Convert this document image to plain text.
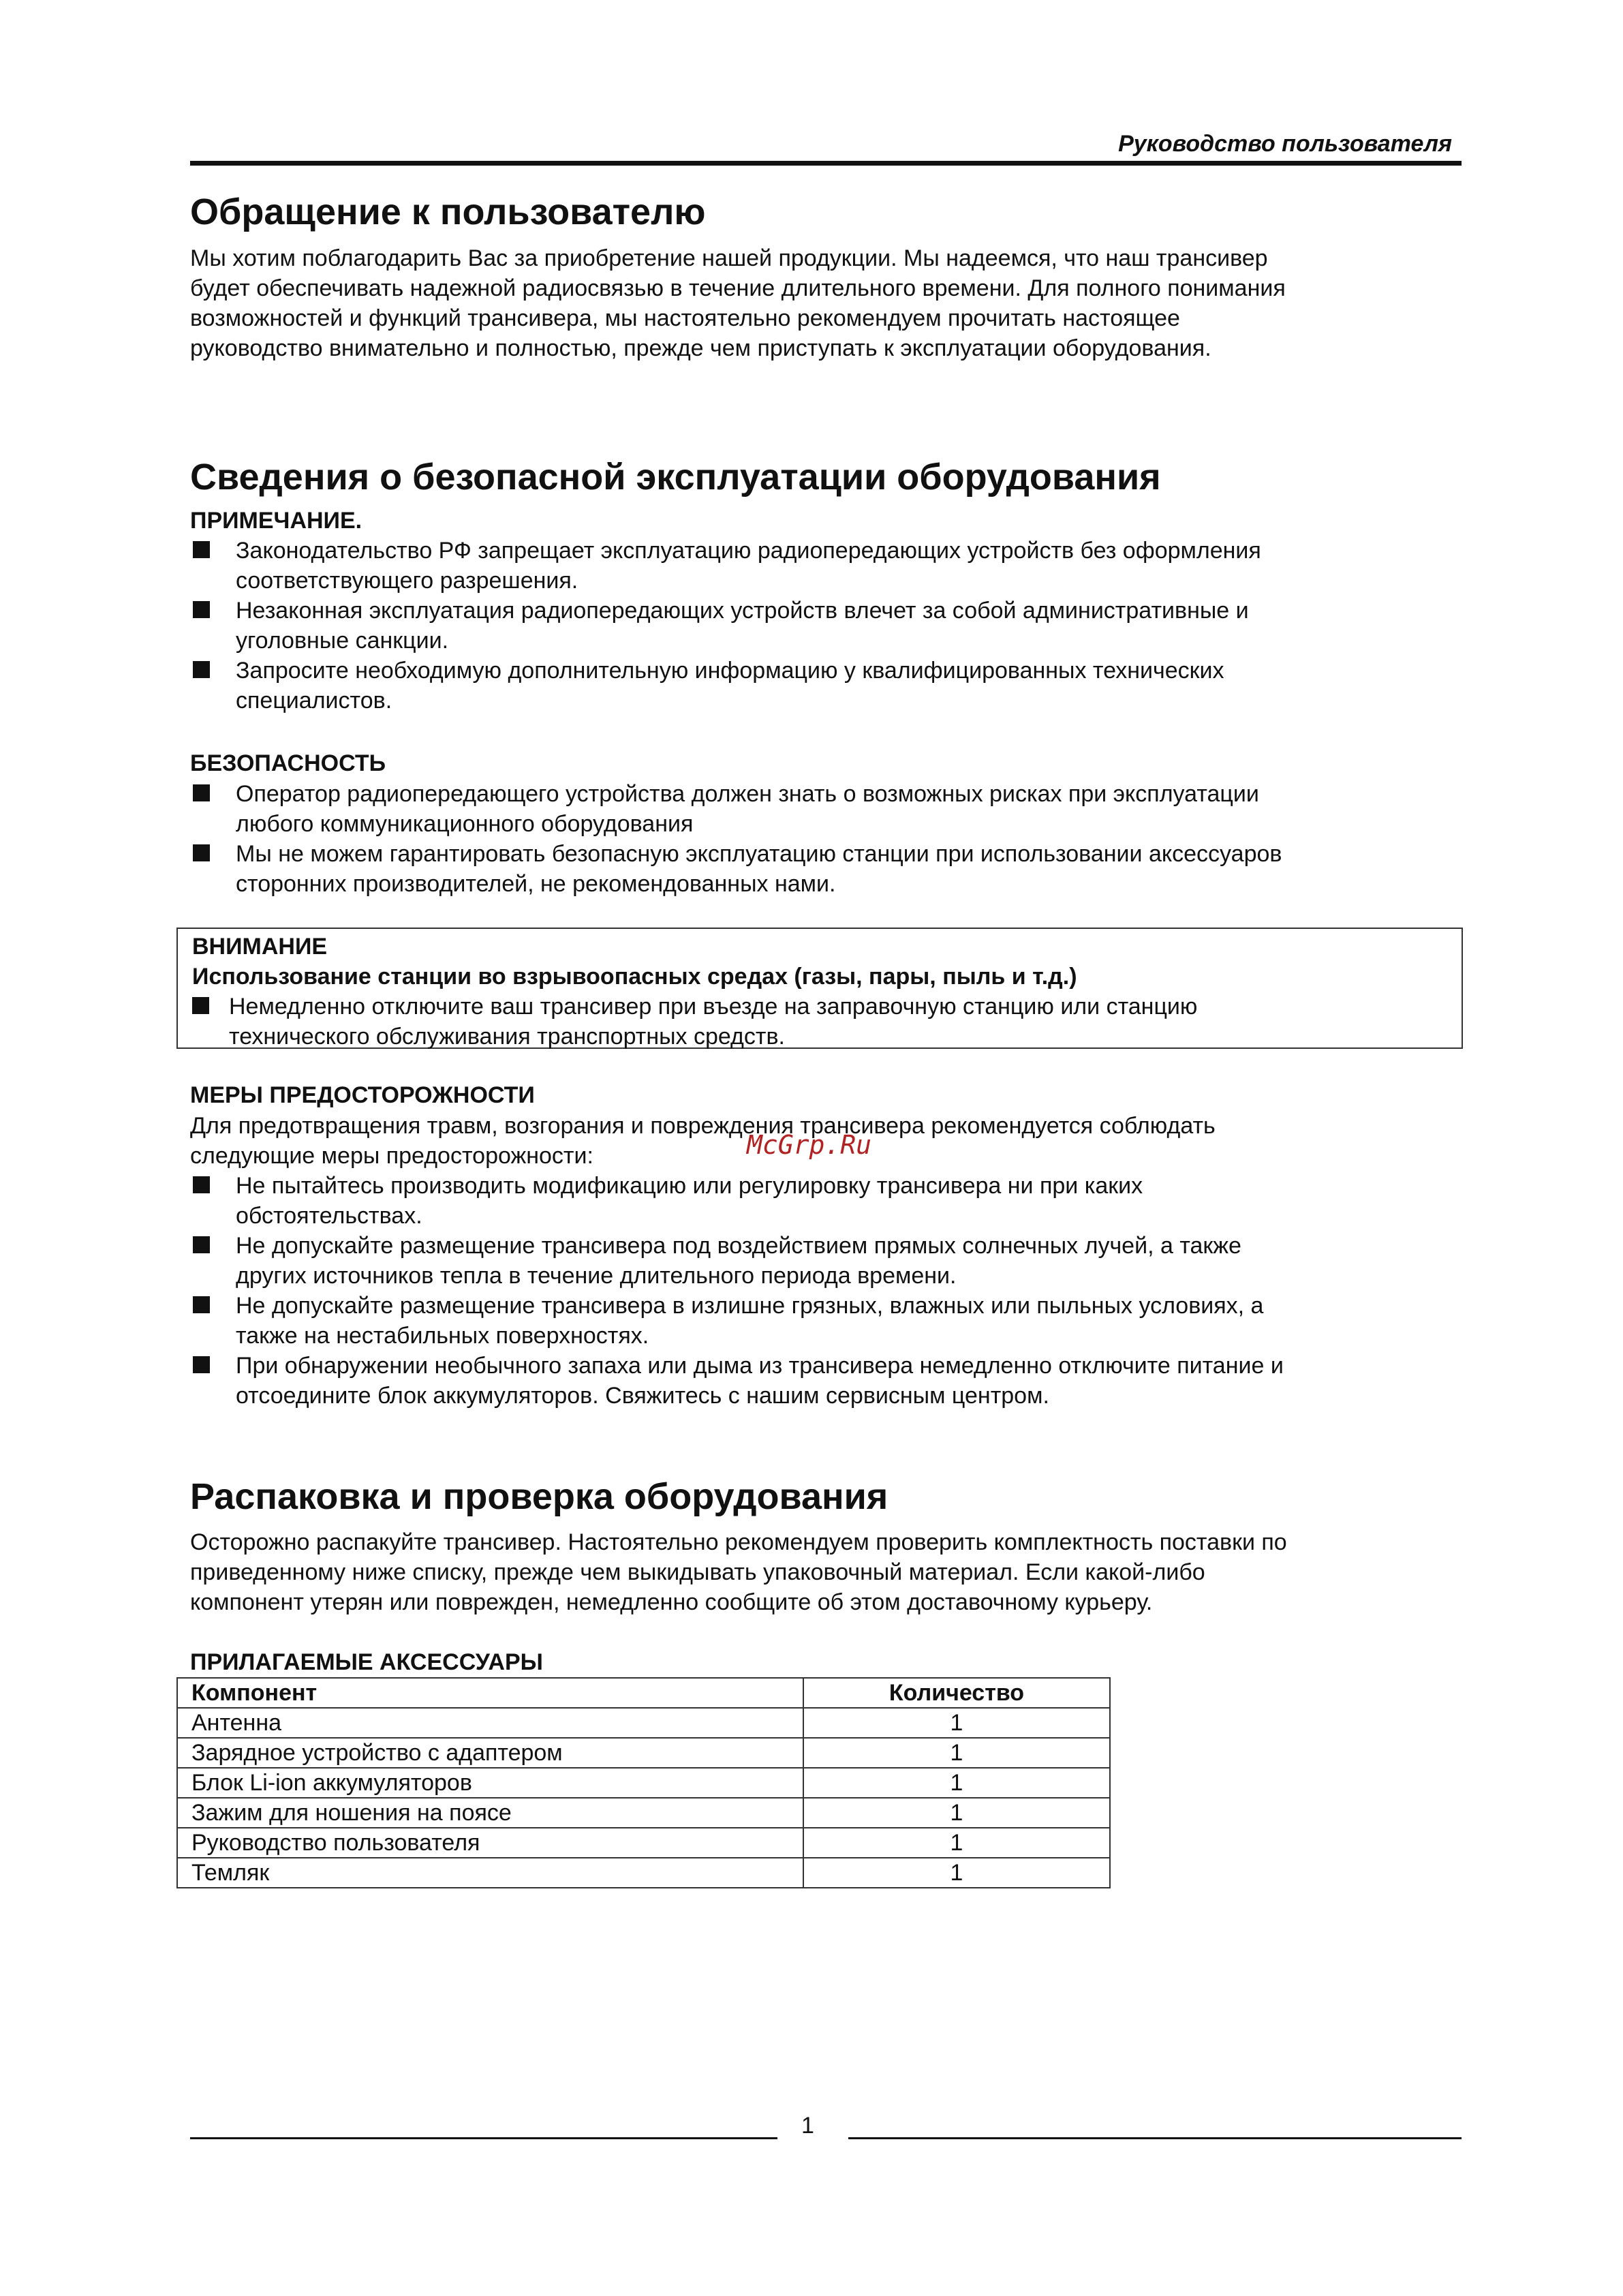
Руководство пользователя
Обращение к пользователю
Мы хотим поблагодарить Вас за приобретение нашей продукции. Мы надеемся, что наш трансивер
будет обеспечивать надежной радиосвязью в течение длительного времени. Для полного понимания
возможностей и функций трансивера, мы настоятельно рекомендуем прочитать настоящее
руководство внимательно и полностью, прежде чем приступать к эксплуатации оборудования.
Сведения о безопасной эксплуатации оборудования
ПРИМЕЧАНИЕ.
Законодательство РФ запрещает эксплуатацию радиопередающих устройств без оформления
соответствующего разрешения.
Незаконная эксплуатация радиопередающих устройств влечет за собой административные и
уголовные санкции.
Запросите необходимую дополнительную информацию у квалифицированных технических
специалистов.
БЕЗОПАСНОСТЬ
Оператор радиопередающего устройства должен знать о возможных рисках при эксплуатации
любого коммуникационного оборудования
Мы не можем гарантировать безопасную эксплуатацию станции при использовании аксессуаров
сторонних производителей, не рекомендованных нами.
ВНИМАНИЕ
Использование станции во взрывоопасных средах (газы, пары, пыль и т.д.)
Немедленно отключите ваш трансивер при въезде на заправочную станцию или станцию
технического обслуживания транспортных средств.
МЕРЫ ПРЕДОСТОРОЖНОСТИ
Для предотвращения травм, возгорания и повреждения трансивера рекомендуется соблюдать
следующие меры предосторожности:	McGrp.Ru
Не пытайтесь производить модификацию или регулировку трансивера ни при каких
обстоятельствах.
Не допускайте размещение трансивера под воздействием прямых солнечных лучей, а также
других источников тепла в течение длительного периода времени.
Не допускайте размещение трансивера в излишне грязных, влажных или пыльных условиях, а
также на нестабильных поверхностях.
При обнаружении необычного запаха или дыма из трансивера немедленно отключите питание и
отсоедините блок аккумуляторов. Свяжитесь с нашим сервисным центром.
Распаковка и проверка оборудования
Осторожно распакуйте трансивер. Настоятельно рекомендуем проверить комплектность поставки по
приведенному ниже списку, прежде чем выкидывать упаковочный материал. Если какой-либо
компонент утерян или поврежден, немедленно сообщите об этом доставочному курьеру.
ПРИЛАГАЕМЫЕ АКСЕССУАРЫ
Компонент	Количество
Антенна	1
Зарядное устройство с адаптером	1
Блок Li-ion аккумуляторов	1
Зажим для ношения на поясе	1
Руководство пользователя	1
Темляк	1
1
